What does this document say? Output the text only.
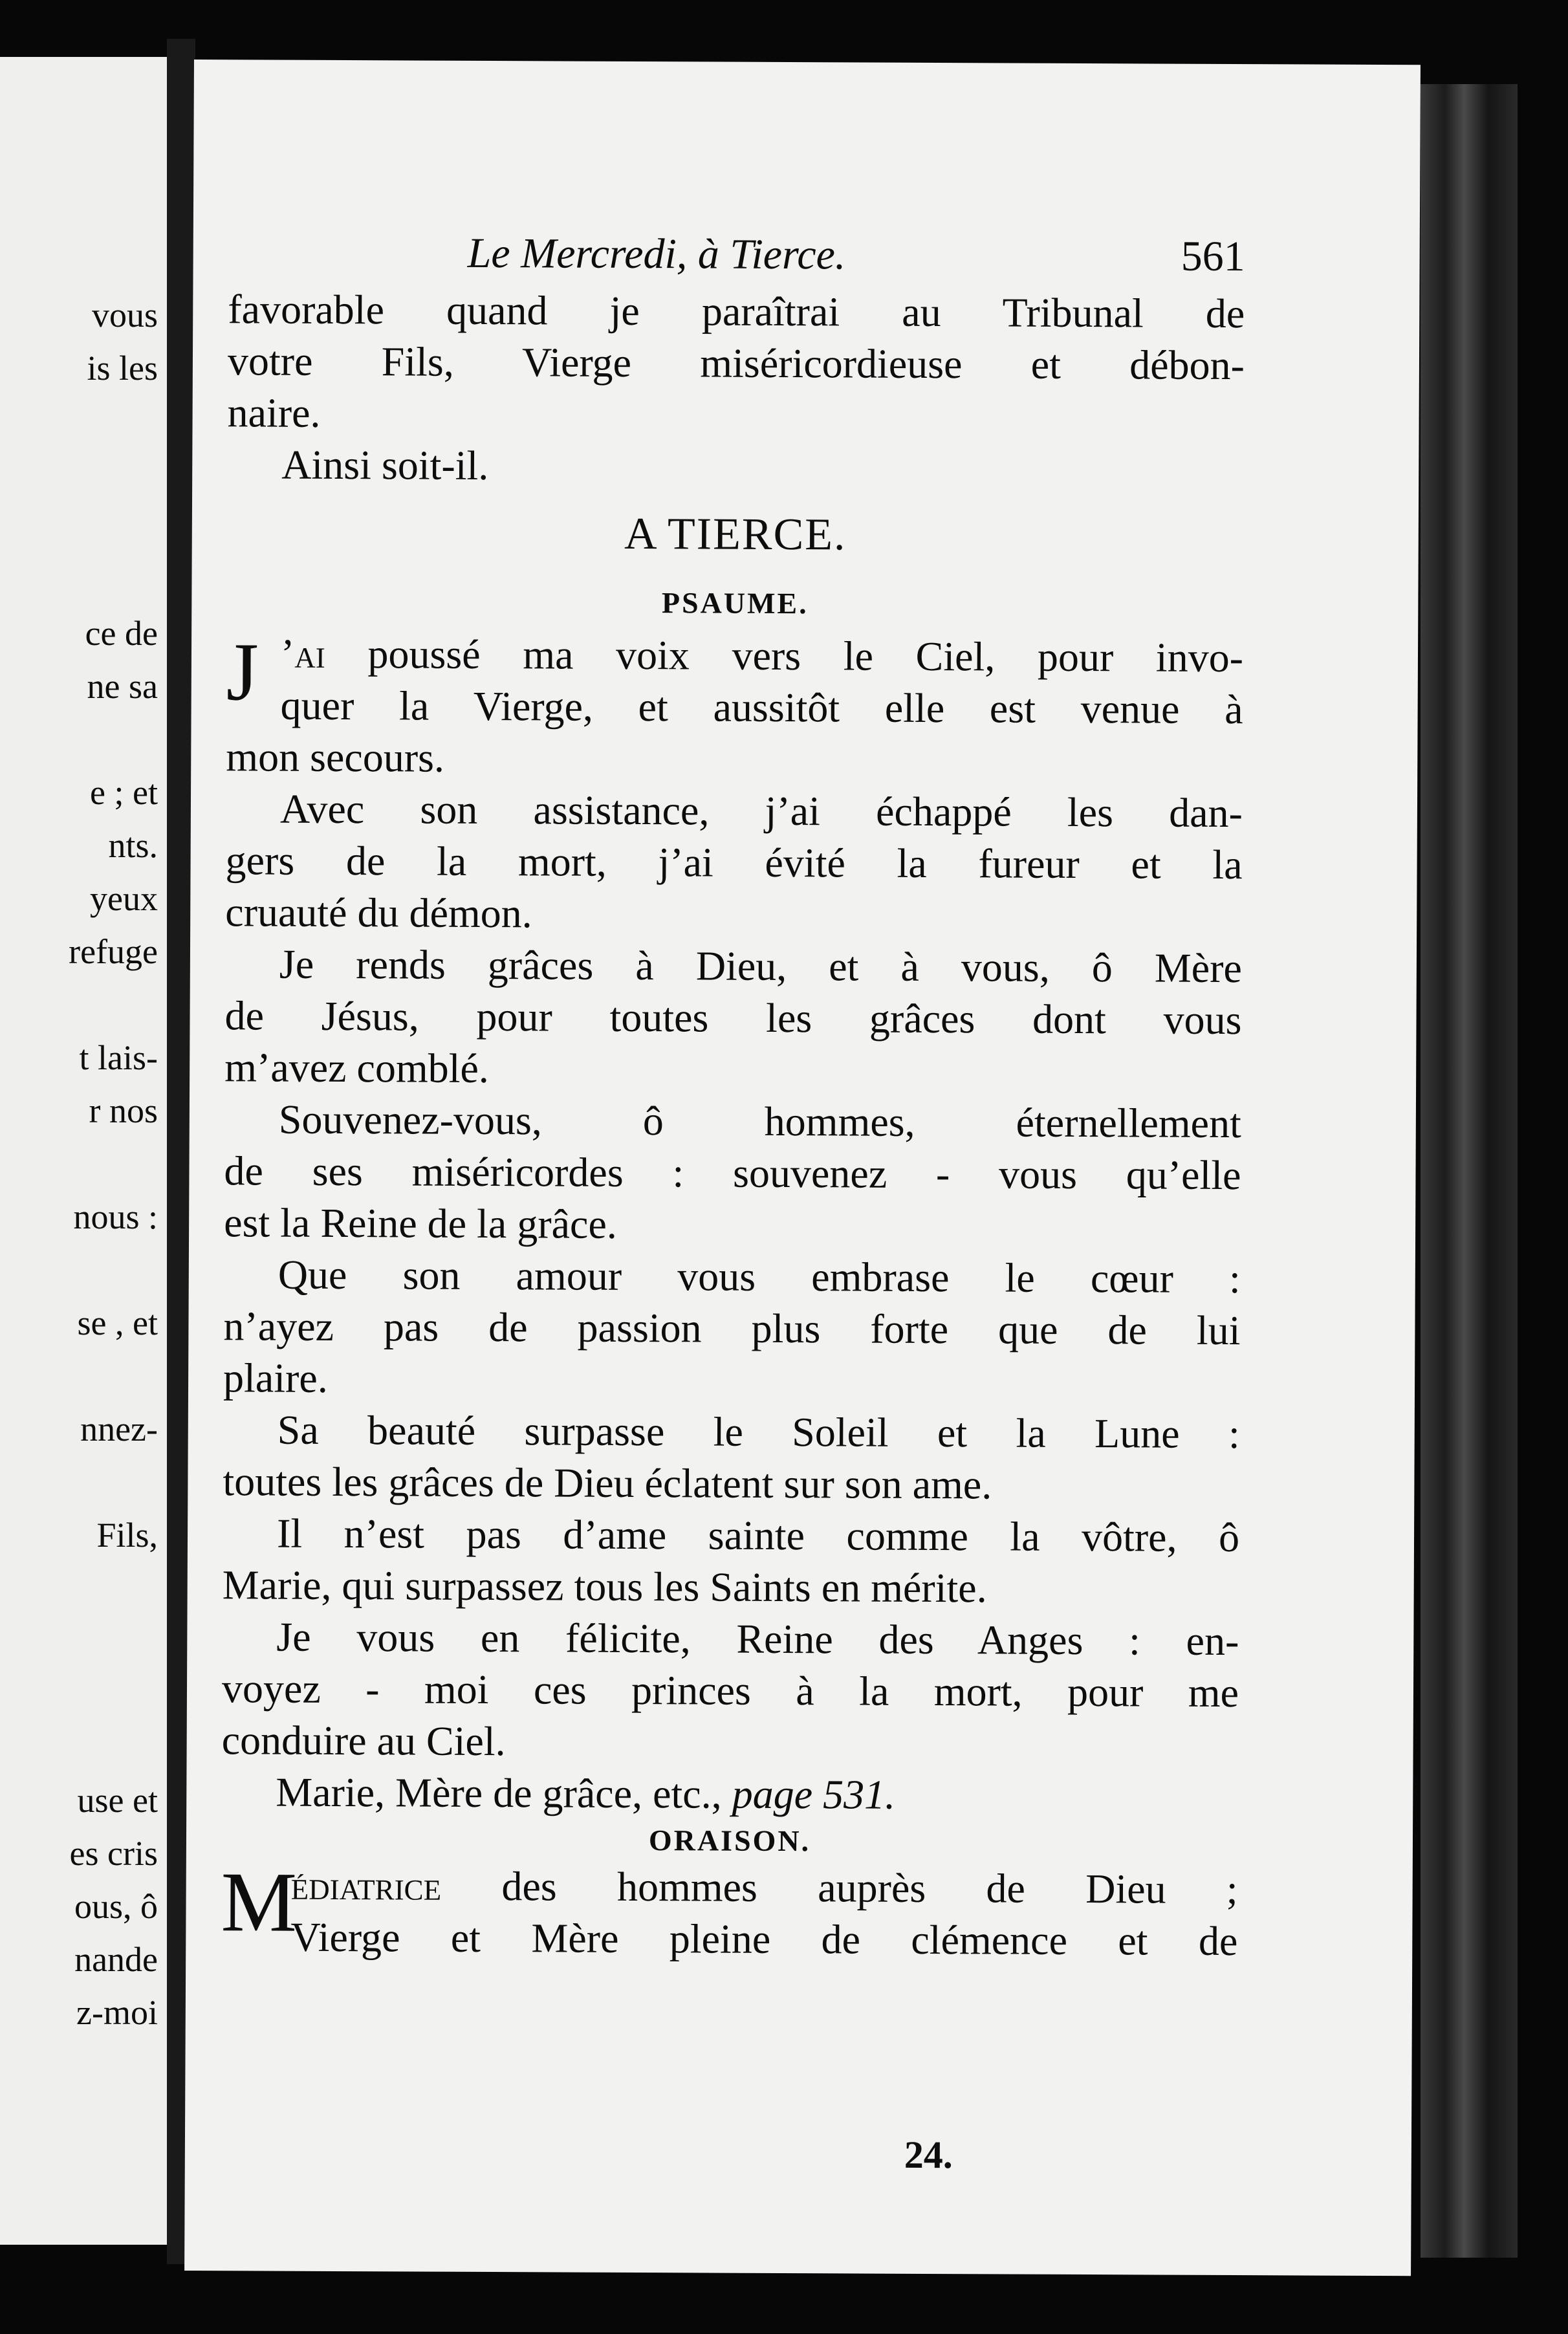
vous
is les
ce de
ne sa
e ; et
nts.
yeux
refuge
t lais-
r nos
nous :
se , et
nnez-
Fils,
use et
es cris
ous, ô
nande
z-moi
Le Mercredi, à Tierce.	561
favorable quand je paraîtrai au Tribunal de
votre Fils, Vierge miséricordieuse et débon-
naire.
Ainsi soit-il.
A TIERCE.
PSAUME.
J ’ai poussé ma voix vers le Ciel, pour invo-
quer la Vierge, et aussitôt elle est venue à
mon secours.
Avec son assistance, j’ai échappé les dan-
gers de la mort, j’ai évité la fureur et la
cruauté du démon.
Je rends grâces à Dieu, et à vous, ô Mère
de Jésus, pour toutes les grâces dont vous
m’avez comblé.
Souvenez-vous, ô hommes, éternellement
de ses miséricordes : souvenez - vous qu’elle
est la Reine de la grâce.
Que son amour vous embrase le cœur :
n’ayez pas de passion plus forte que de lui
plaire.
Sa beauté surpasse le Soleil et la Lune :
toutes les grâces de Dieu éclatent sur son ame.
Il n’est pas d’ame sainte comme la vôtre, ô
Marie, qui surpassez tous les Saints en mérite.
Je vous en félicite, Reine des Anges : en-
voyez - moi ces princes à la mort, pour me
conduire au Ciel.
Marie, Mère de grâce, etc., page 531.
ORAISON.
M
édiatrice des hommes auprès de Dieu ;
Vierge et Mère pleine de clémence et de
24.
